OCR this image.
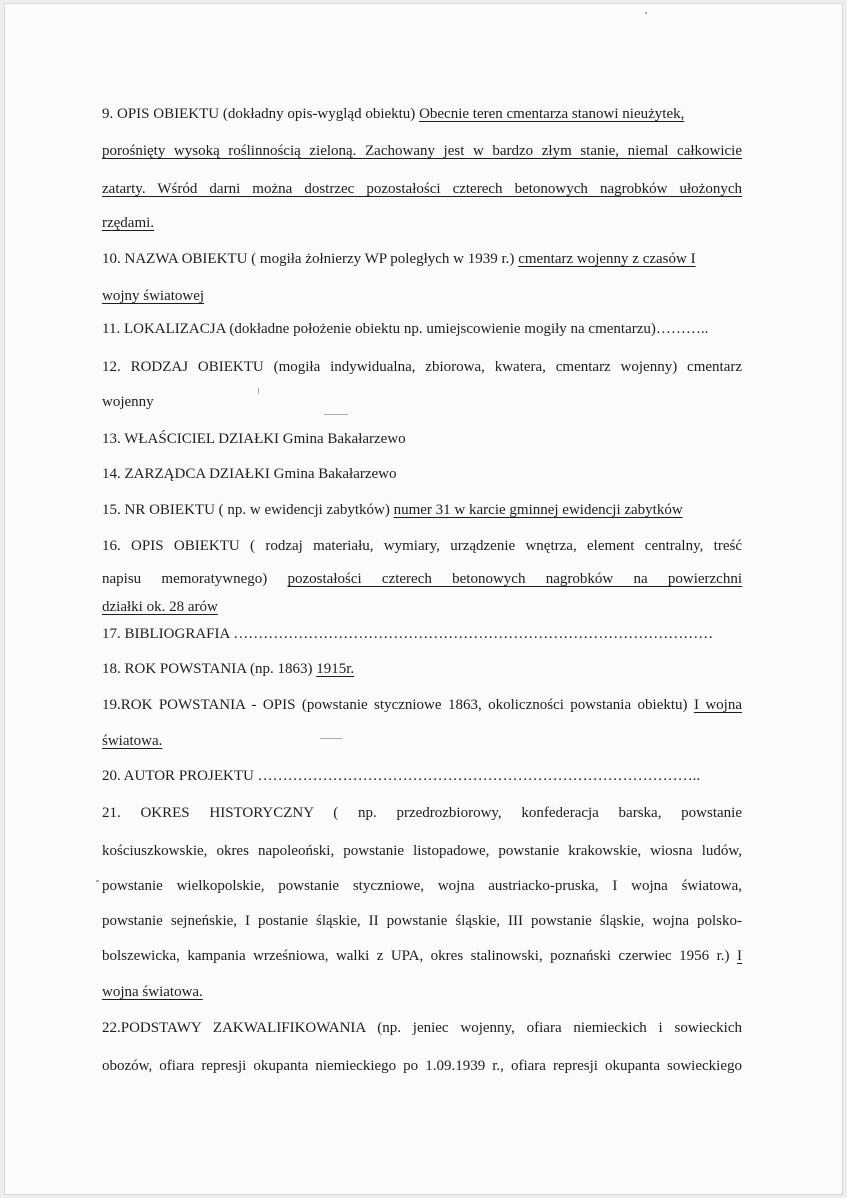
9. OPIS OBIEKTU (dokładny opis-wygląd obiektu) Obecnie teren cmentarza stanowi nieużytek,
porośnięty wysoką roślinnością zieloną. Zachowany jest w bardzo złym stanie, niemal całkowicie
zatarty. Wśród darni można dostrzec pozostałości czterech betonowych nagrobków ułożonych
rzędami.
10. NAZWA OBIEKTU ( mogiła żołnierzy WP poległych w 1939 r.) cmentarz wojenny z czasów I
wojny światowej
11. LOKALIZACJA (dokładne położenie obiektu np. umiejscowienie mogiły na cmentarzu)………..
12. RODZAJ OBIEKTU (mogiła indywidualna, zbiorowa, kwatera, cmentarz wojenny) cmentarz
wojenny
13. WŁAŚCICIEL DZIAŁKI Gmina Bakałarzewo
14. ZARZĄDCA DZIAŁKI Gmina Bakałarzewo
15. NR OBIEKTU ( np. w ewidencji zabytków) numer 31 w karcie gminnej ewidencji zabytków
16. OPIS OBIEKTU ( rodzaj materiału, wymiary, urządzenie wnętrza, element centralny, treść
napisu memoratywnego) pozostałości czterech betonowych nagrobków na powierzchni
działki ok. 28 arów
17. BIBLIOGRAFIA ……………………………………………………………………………………
18. ROK POWSTANIA (np. 1863) 1915r.
19.ROK POWSTANIA - OPIS (powstanie styczniowe 1863, okoliczności powstania obiektu) I wojna
światowa.
20. AUTOR PROJEKTU ……………………………………………………………………………..
21. OKRES HISTORYCZNY ( np. przedrozbiorowy, konfederacja barska, powstanie
kościuszkowskie, okres napoleoński, powstanie listopadowe, powstanie krakowskie, wiosna ludów,
powstanie wielkopolskie, powstanie styczniowe, wojna austriacko-pruska, I wojna światowa,
powstanie sejneńskie, I postanie śląskie, II powstanie śląskie, III powstanie śląskie, wojna polsko-
bolszewicka, kampania wrześniowa, walki z UPA, okres stalinowski, poznański czerwiec 1956 r.) I
wojna światowa.
22.PODSTAWY ZAKWALIFIKOWANIA (np. jeniec wojenny, ofiara niemieckich i sowieckich
obozów, ofiara represji okupanta niemieckiego po 1.09.1939 r., ofiara represji okupanta sowieckiego
